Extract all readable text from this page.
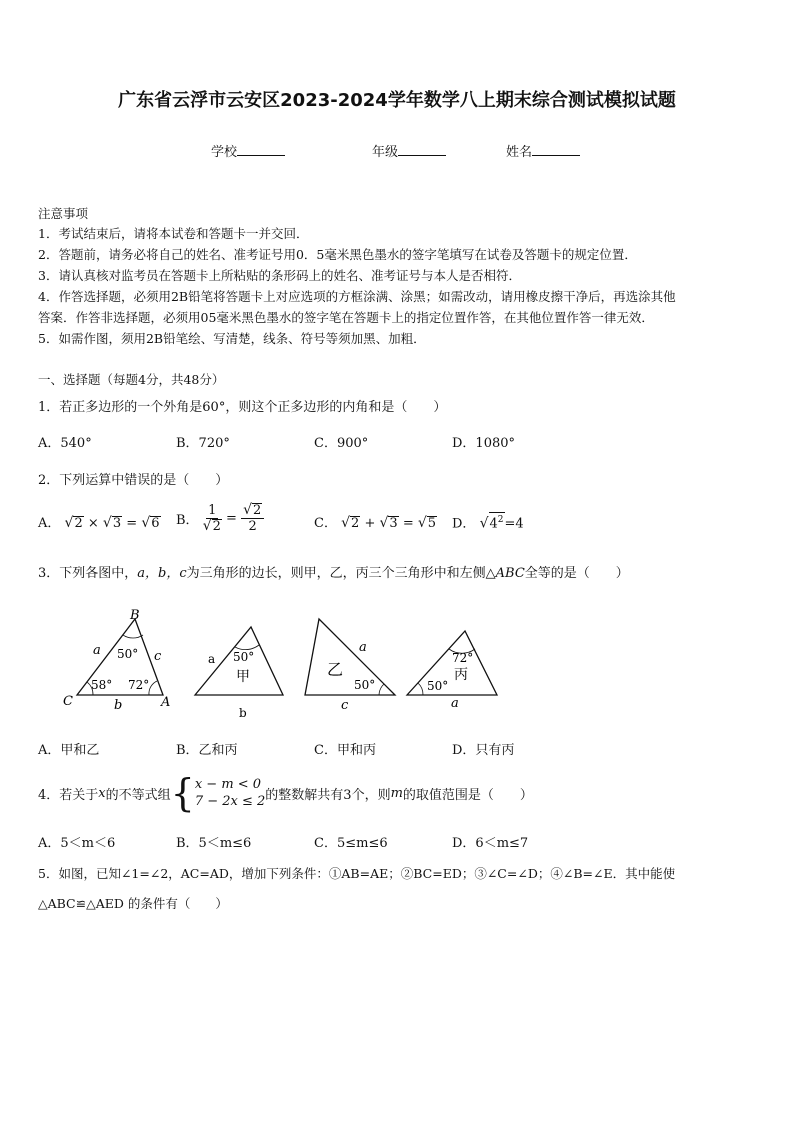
广东省云浮市云安区2023-2024学年数学八上期末综合测试模拟试题
学校	年级	姓名
注意事项
1．考试结束后，请将本试卷和答题卡一并交回．
2．答题前，请务必将自己的姓名、准考证号用0．5毫米黑色墨水的签字笔填写在试卷及答题卡的规定位置．
3．请认真核对监考员在答题卡上所粘贴的条形码上的姓名、准考证号与本人是否相符．
4．作答选择题，必须用2B铅笔将答题卡上对应选项的方框涂满、涂黑；如需改动，请用橡皮擦干净后，再选涂其他
答案．作答非选择题，必须用05毫米黑色墨水的签字笔在答题卡上的指定位置作答，在其他位置作答一律无效．
5．如需作图，须用2B铅笔绘、写清楚，线条、符号等须加黑、加粗．
一、选择题（每题4分，共48分）
1．若正多边形的一个外角是60°，则这个正多边形的内角和是（　　）
A．540°	B．720°	C．900°	D．1080°
2．下列运算中错误的是（　　）
A． √2 × √3 = √6 B． $\frac{1}{√2} = \frac{√2}{2}$	C． √2 + √3 = √5 D． $√4^2=4$
3．下列各图中，a，b，c为三角形的边长，则甲，乙，丙三个三角形中和左侧△ABC全等的是（　　）
B
C	A
a	c
b
50°
58° 72°
50°
甲
a
b
乙
50°
a
c
72°
丙
50°
a
A．甲和乙	B．乙和丙	C．甲和丙	D．只有丙
4．若关于 x 的不等式组 { x − m < 0
7 − 2x ≤ 2 的整数解共有3个，则 m 的取值范围是（　　）
A．5＜m＜6	B．5＜m≤6	C．5≤m≤6	D．6＜m≤7
5．如图，已知∠1=∠2，AC=AD，增加下列条件：①AB=AE；②BC=ED；③∠C=∠D；④∠B=∠E．其中能使
△ABC≌△AED 的条件有（　　）
